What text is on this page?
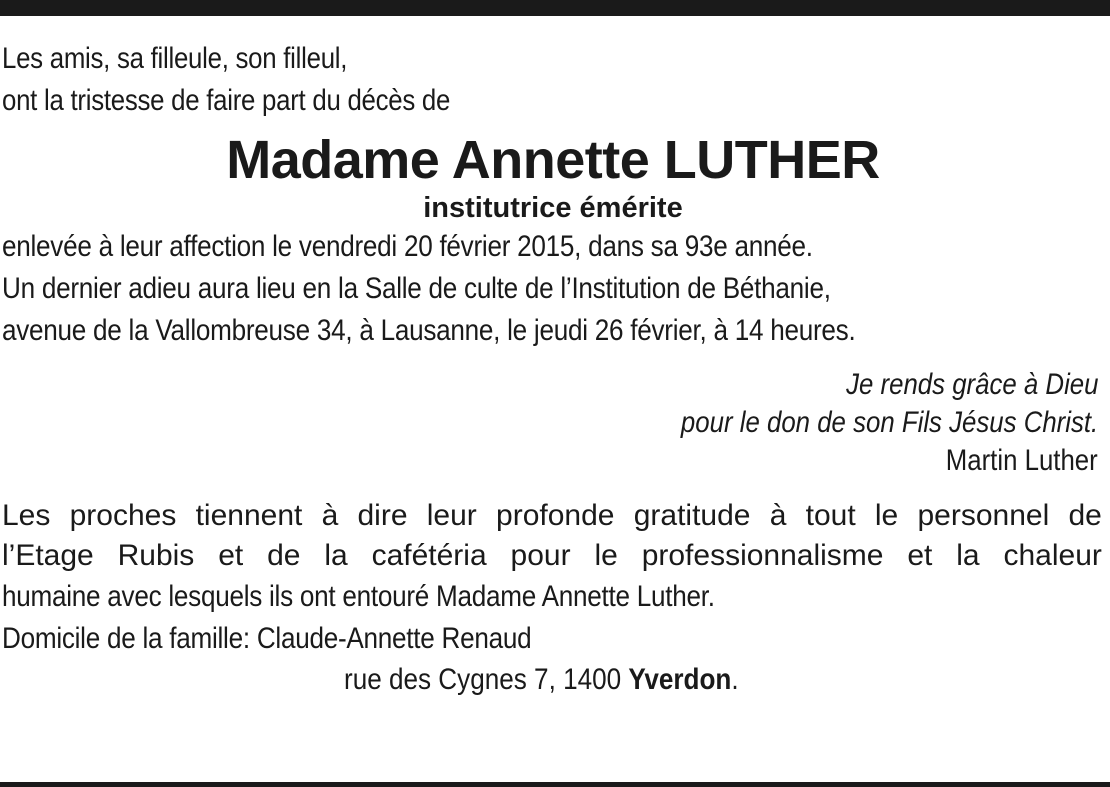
Les amis, sa filleule, son filleul,
ont la tristesse de faire part du décès de
Madame Annette LUTHER
institutrice émérite
enlevée à leur affection le vendredi 20 février 2015, dans sa 93e année.
Un dernier adieu aura lieu en la Salle de culte de l’Institution de Béthanie,
avenue de la Vallombreuse 34, à Lausanne, le jeudi 26 février, à 14 heures.
Je rends grâce à Dieu
pour le don de son Fils Jésus Christ.
Martin Luther
Les proches tiennent à dire leur profonde gratitude à tout le personnel de
l’Etage Rubis et de la cafétéria pour le professionnalisme et la chaleur
humaine avec lesquels ils ont entouré Madame Annette Luther.
Domicile de la famille: Claude-Annette Renaud
rue des Cygnes 7, 1400 Yverdon.
